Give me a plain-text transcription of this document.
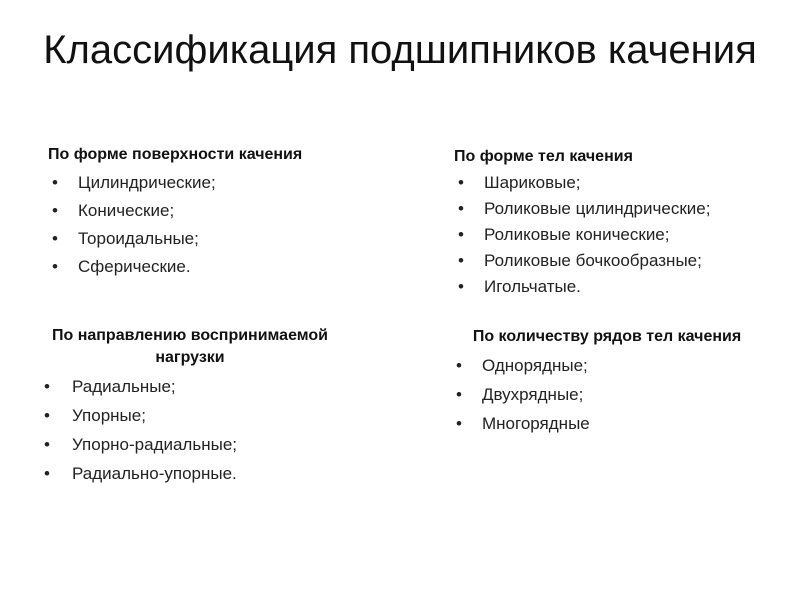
Классификация подшипников качения
По форме поверхности качения
• Цилиндрические;
• Конические;
• Тороидальные;
• Сферические.
По форме тел качения
• Шариковые;
• Роликовые цилиндрические;
• Роликовые конические;
• Роликовые бочкообразные;
• Игольчатые.
По направлению воспринимаемой нагрузки
• Радиальные;
• Упорные;
• Упорно-радиальные;
• Радиально-упорные.
По количеству рядов тел качения
• Однорядные;
• Двухрядные;
• Многорядные
